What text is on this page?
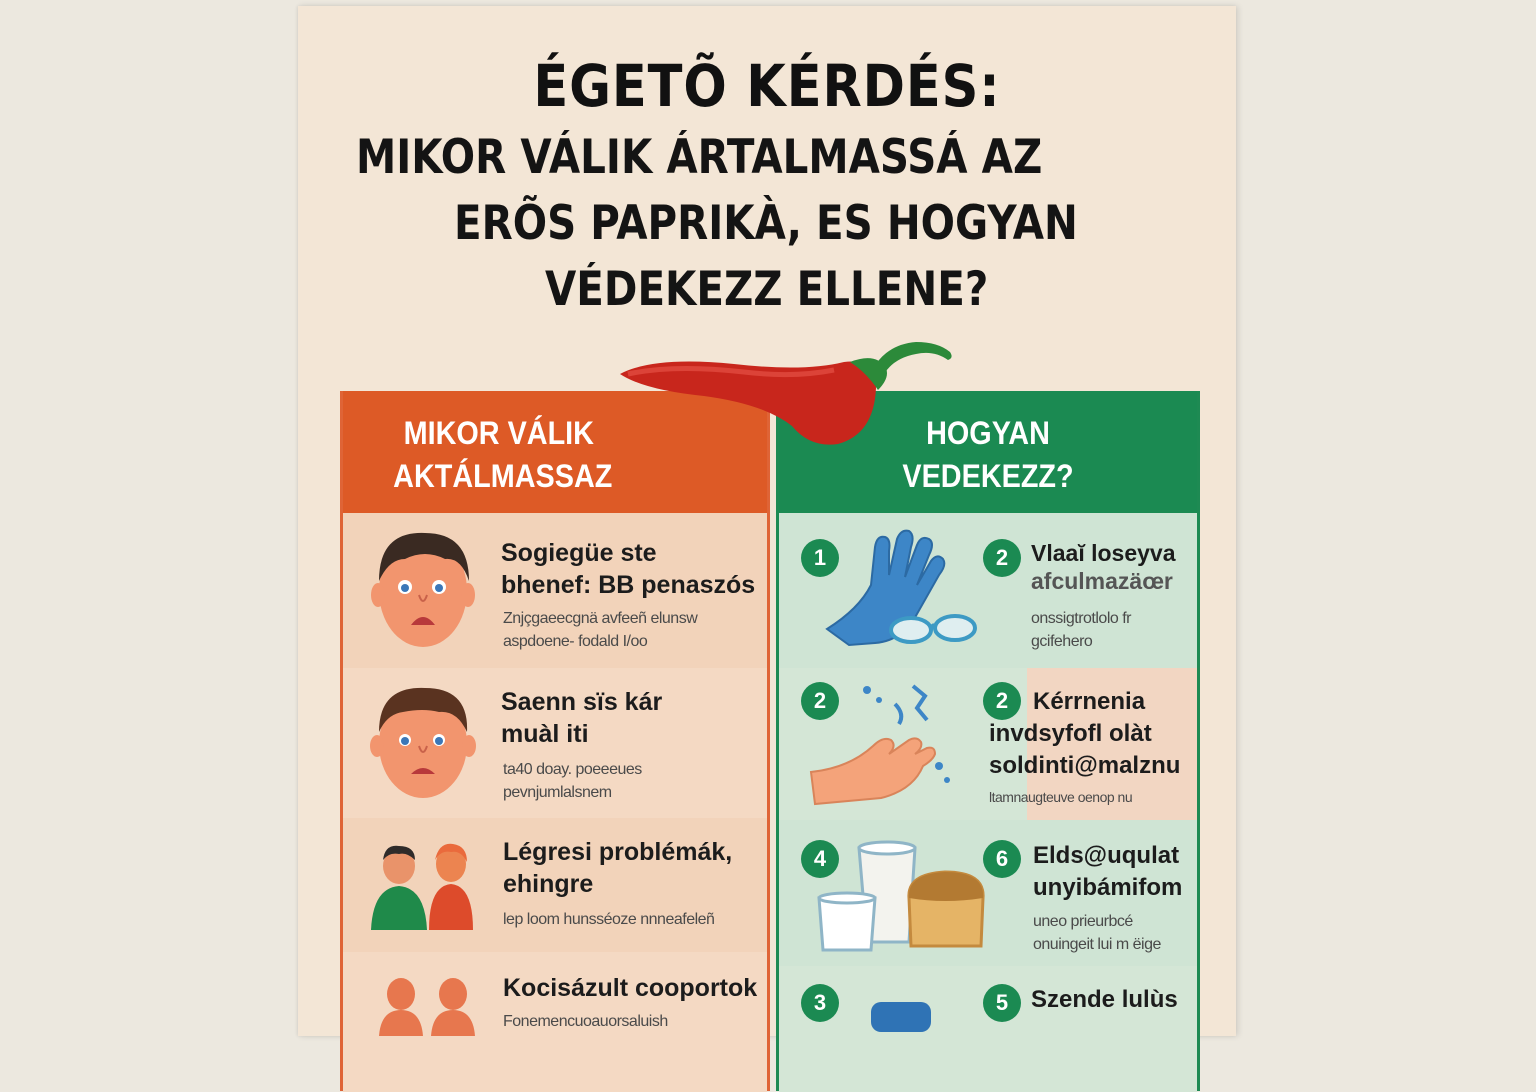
ÉGETÕ KÉRDÉS:
MIKOR VÁLIK ÁRTALMASSÁ AZ
ERÕS PAPRIKÀ, ES HOGYAN
VÉDEKEZZ ELLENE?
MIKOR VÁLIK
AKTÁLMASSAZ
Sogiegüe ste
bhenef: BB penaszós
Znjçgaeecgnä avfeeñ elunsw
aspdoene- fodald I/oo
Saenn sïs kár
muàl iti
ta40 doay. poeeeues
pevnjumlalsnem
Légresi problémák,
ehingre
lep loom hunsséoze nnneafeleñ
Kocisázult cooportok
Fonemencuoauorsaluish
HOGYAN
VEDEKEZZ?
1	2 Vlaaĭ loseyva
afculmazäœr
onssigtrotlolo fr
gcifehero
2	2	Kérrnenia
invdsyfofl olàt
soldinti@malznu
ltamnaugteuve oenop nu
4	6	Elds@uqulat
unyibámifom
uneo prieurbcé
onuingeit lui m ëige
3	5 Szende lulùs
